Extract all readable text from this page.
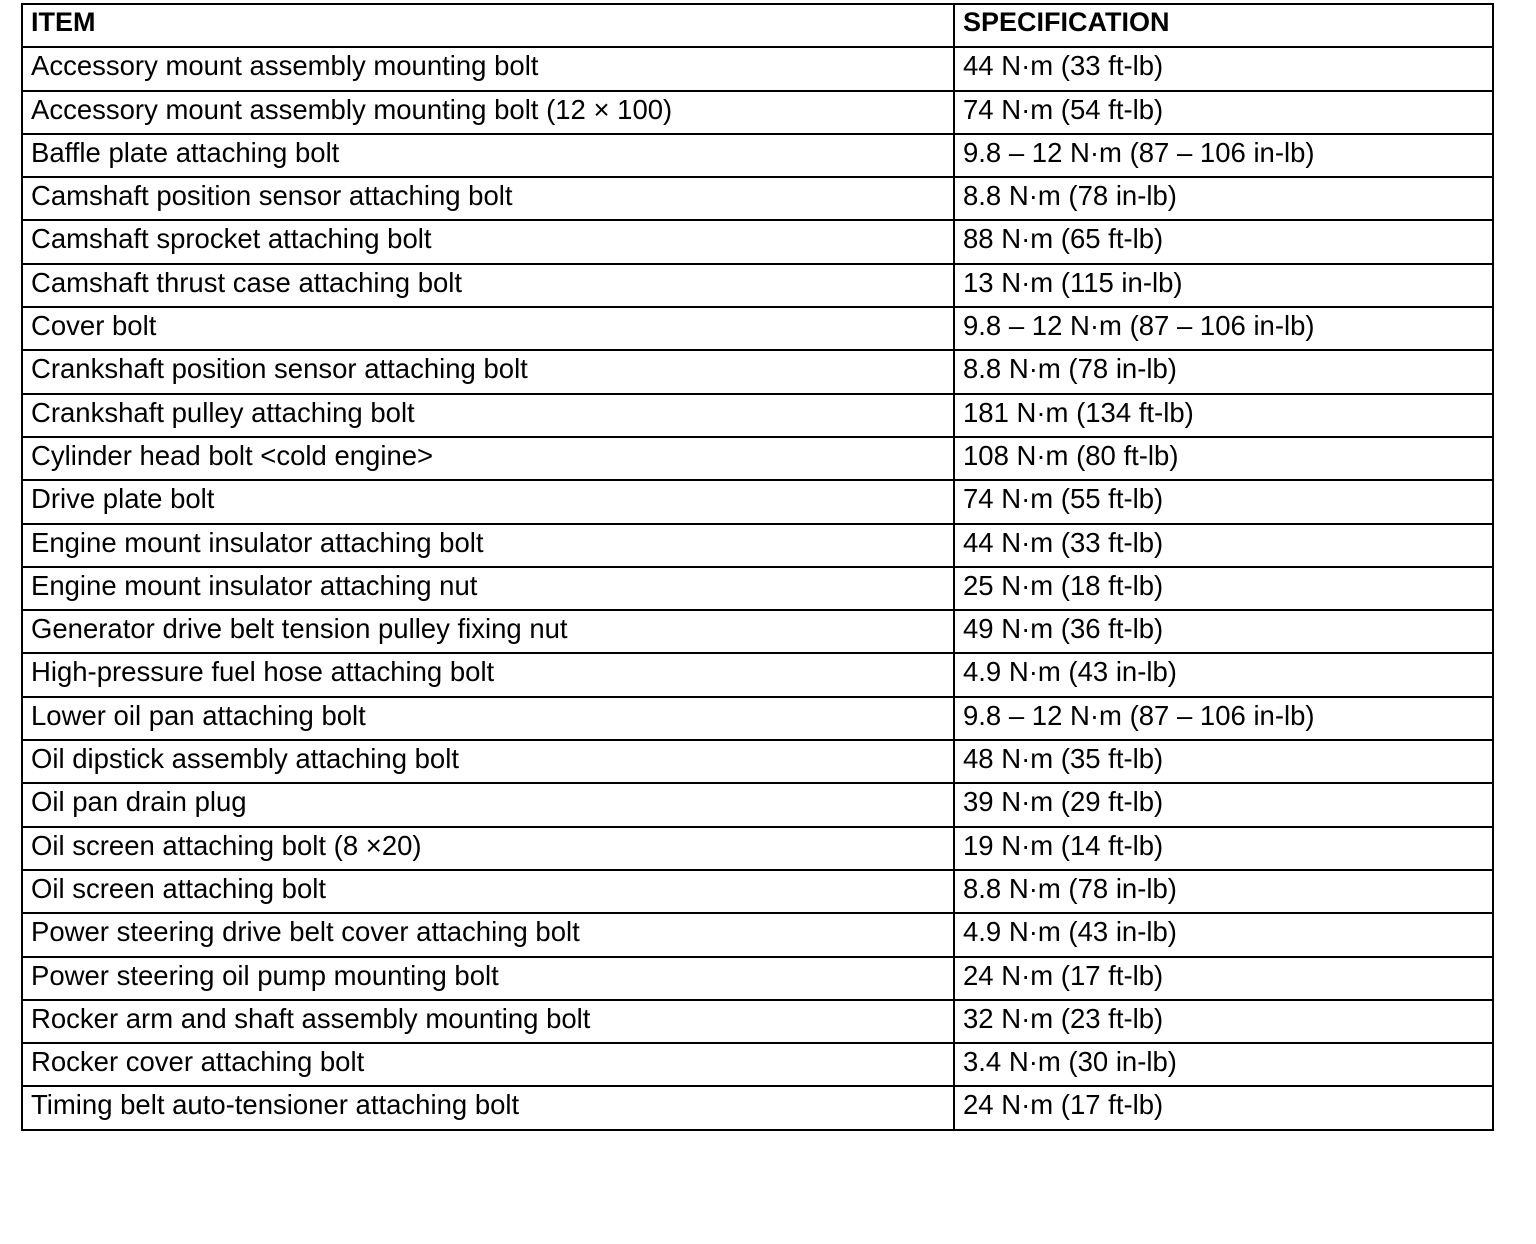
ITEM	SPECIFICATION
Accessory mount assembly mounting bolt	44 N·m (33 ft-lb)
Accessory mount assembly mounting bolt (12 × 100)	74 N·m (54 ft-lb)
Baffle plate attaching bolt	9.8 – 12 N·m (87 – 106 in-lb)
Camshaft position sensor attaching bolt	8.8 N·m (78 in-lb)
Camshaft sprocket attaching bolt	88 N·m (65 ft-lb)
Camshaft thrust case attaching bolt	13 N·m (115 in-lb)
Cover bolt	9.8 – 12 N·m (87 – 106 in-lb)
Crankshaft position sensor attaching bolt	8.8 N·m (78 in-lb)
Crankshaft pulley attaching bolt	181 N·m (134 ft-lb)
Cylinder head bolt <cold engine>	108 N·m (80 ft-lb)
Drive plate bolt	74 N·m (55 ft-lb)
Engine mount insulator attaching bolt	44 N·m (33 ft-lb)
Engine mount insulator attaching nut	25 N·m (18 ft-lb)
Generator drive belt tension pulley fixing nut	49 N·m (36 ft-lb)
High-pressure fuel hose attaching bolt	4.9 N·m (43 in-lb)
Lower oil pan attaching bolt	9.8 – 12 N·m (87 – 106 in-lb)
Oil dipstick assembly attaching bolt	48 N·m (35 ft-lb)
Oil pan drain plug	39 N·m (29 ft-lb)
Oil screen attaching bolt (8 ×20)	19 N·m (14 ft-lb)
Oil screen attaching bolt	8.8 N·m (78 in-lb)
Power steering drive belt cover attaching bolt	4.9 N·m (43 in-lb)
Power steering oil pump mounting bolt	24 N·m (17 ft-lb)
Rocker arm and shaft assembly mounting bolt	32 N·m (23 ft-lb)
Rocker cover attaching bolt	3.4 N·m (30 in-lb)
Timing belt auto-tensioner attaching bolt	24 N·m (17 ft-lb)
